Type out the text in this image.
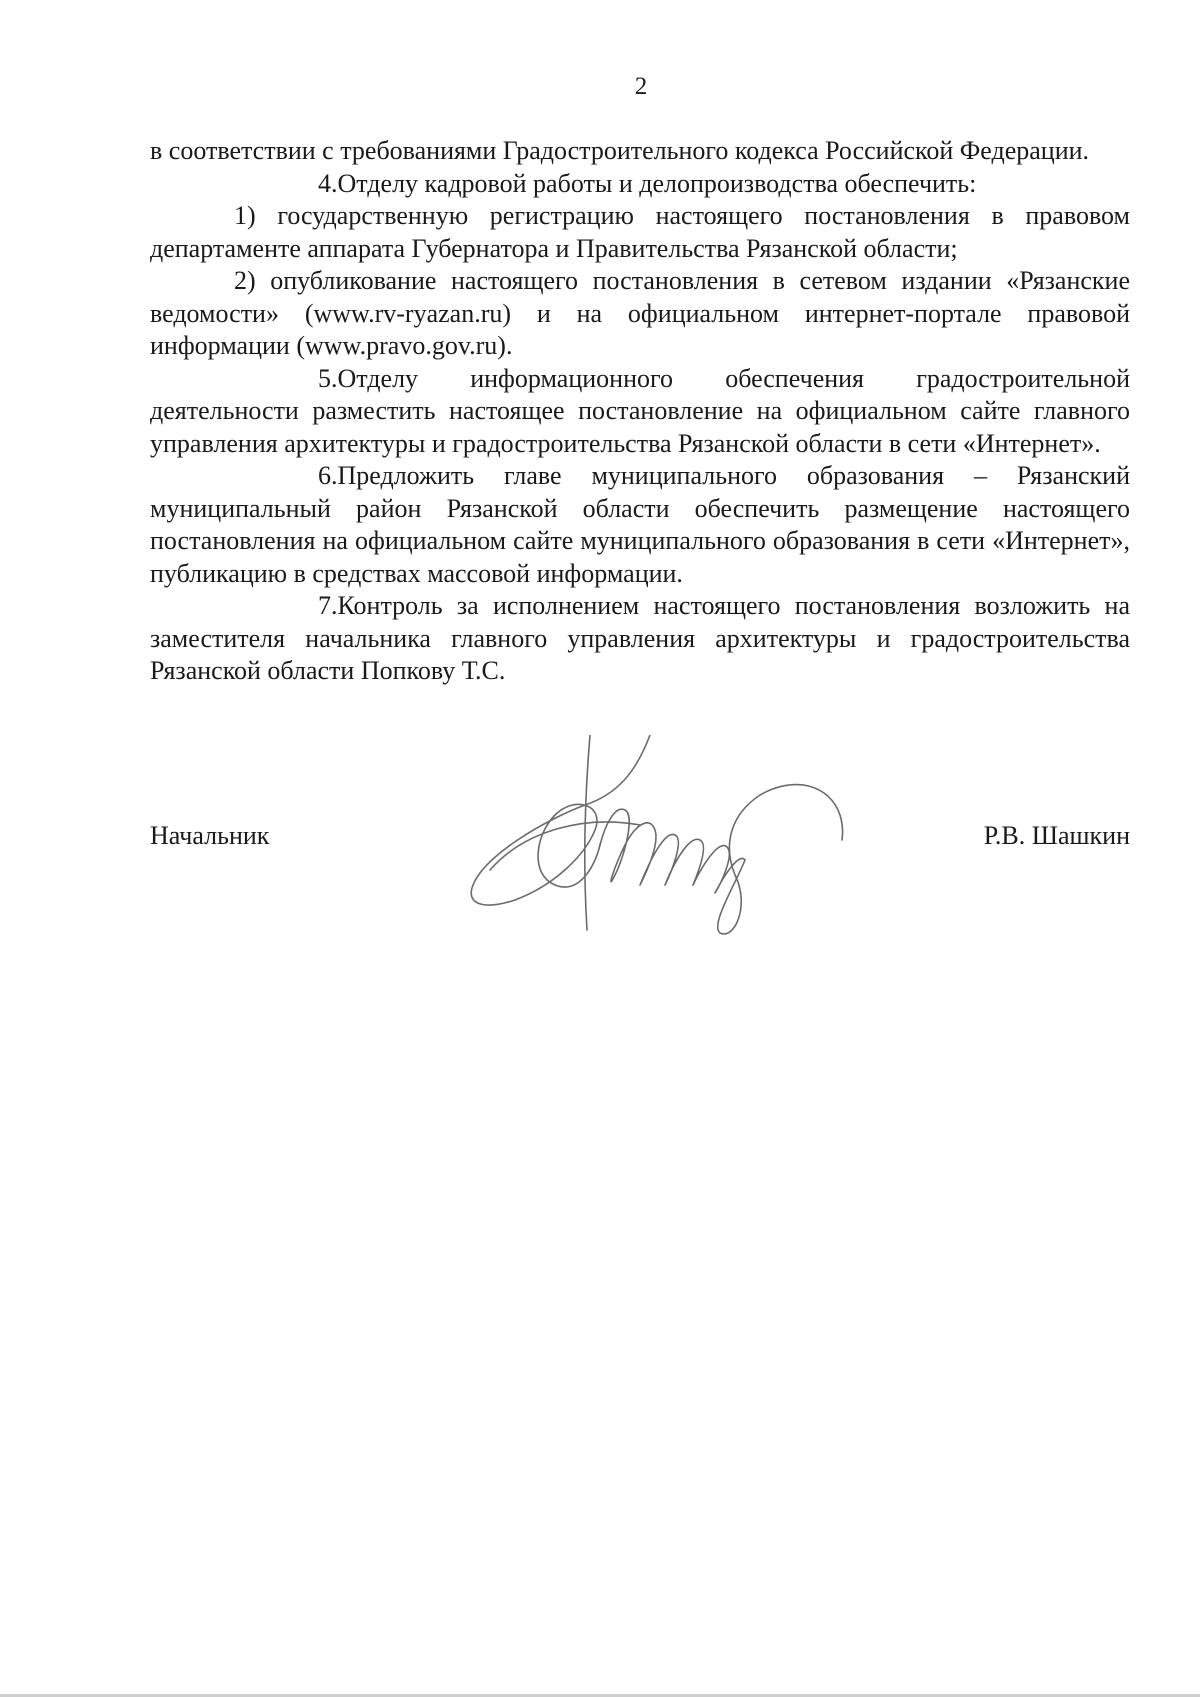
2

в соответствии с требованиями Градостроительного кодекса Российской Федерации.

4.Отделу кадровой работы и делопроизводства обеспечить:

1) государственную регистрацию настоящего постановления в правовом департаменте аппарата Губернатора и Правительства Рязанской области;

2) опубликование настоящего постановления в сетевом издании «Рязанские ведомости» (www.rv-ryazan.ru) и на официальном интернет-портале правовой информации (www.pravo.gov.ru).

5.Отделу информационного обеспечения градостроительной деятельности разместить настоящее постановление на официальном сайте главного управления архитектуры и градостроительства Рязанской области в сети «Интернет».

6.Предложить главе муниципального образования – Рязанский муниципальный район Рязанской области обеспечить размещение настоящего постановления на официальном сайте муниципального образования в сети «Интернет», публикацию в средствах массовой информации.

7.Контроль за исполнением настоящего постановления возложить на заместителя начальника главного управления архитектуры и градостроительства Рязанской области Попкову Т.С.

Начальник	Р.В. Шашкин
